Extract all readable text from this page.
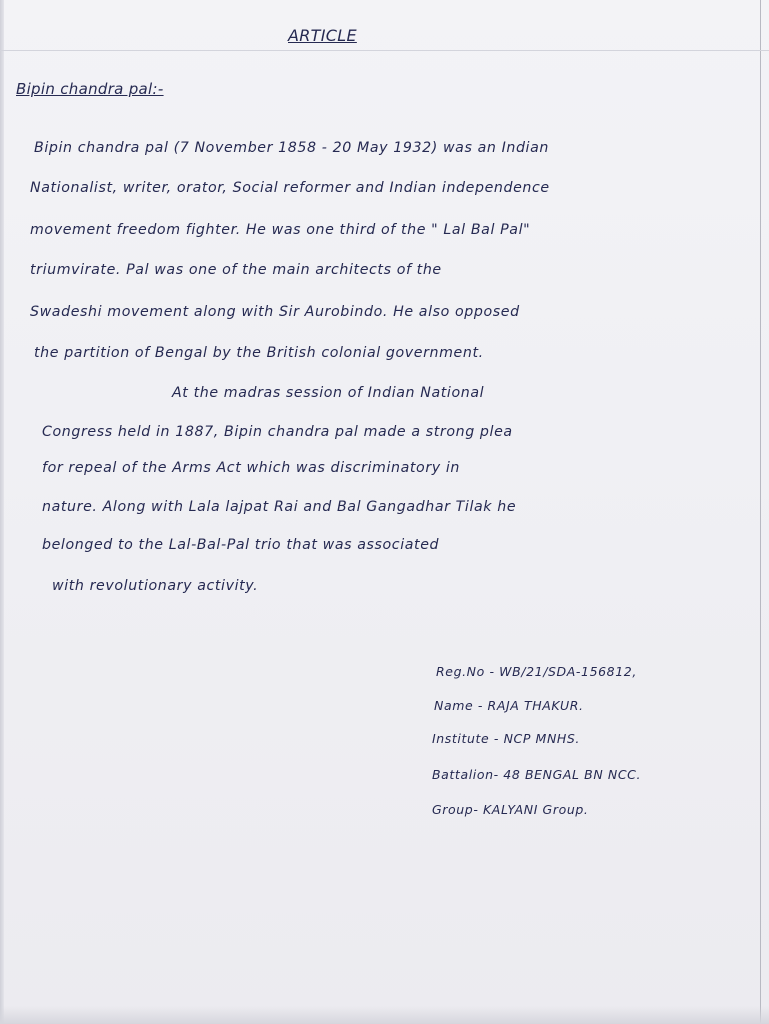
ARTICLE
Bipin chandra pal:-
Bipin chandra pal (7 November 1858 - 20 May 1932) was an Indian
Nationalist, writer, orator, Social reformer and Indian independence
movement freedom fighter. He was one third of the " Lal Bal Pal"
triumvirate. Pal was one of the main architects of the
Swadeshi movement along with Sir Aurobindo. He also opposed
the partition of Bengal by the British colonial government.
At the madras session of Indian National
Congress held in 1887, Bipin chandra pal made a strong plea
for repeal of the Arms Act which was discriminatory in
nature. Along with Lala lajpat Rai and Bal Gangadhar Tilak he
belonged to the Lal-Bal-Pal trio that was associated
with revolutionary activity.
Reg.No - WB/21/SDA-156812,
Name - RAJA THAKUR.
Institute - NCP MNHS.
Battalion- 48 BENGAL BN NCC.
Group- KALYANI Group.
